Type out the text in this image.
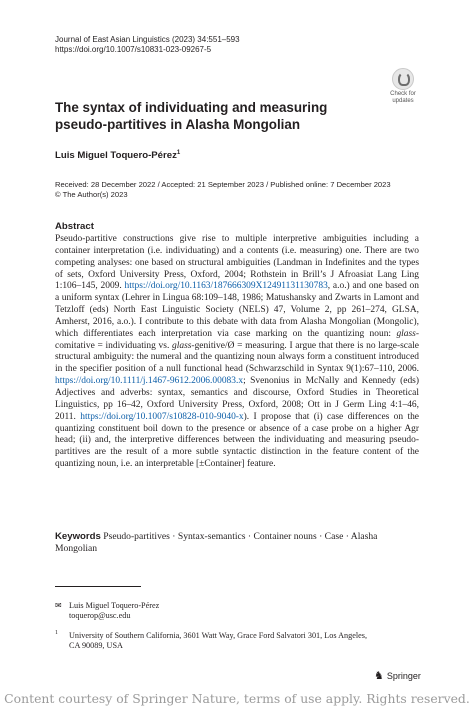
Journal of East Asian Linguistics (2023) 34:551–593
https://doi.org/10.1007/s10831-023-09267-5
Check for
updates
The syntax of individuating and measuring pseudo-partitives in Alasha Mongolian
Luis Miguel Toquero-Pérez$^1$
Received: 28 December 2022 / Accepted: 21 September 2023 / Published online: 7 December 2023
© The Author(s) 2023
Abstract

Pseudo-partitive constructions give rise to multiple interpretive ambiguities including a container interpretation (i.e. individuating) and a contents (i.e. measuring) one. There are two competing analyses: one based on structural ambiguities (Landman in Indefinites and the types of sets, Oxford University Press, Oxford, 2004; Rothstein in Brill’s J Afroasiat Lang Ling 1:106–145, 2009. https://doi.org/10.1163/187666309X12491131130783, a.o.) and one based on a uniform syntax (Lehrer in Lingua 68:109–148, 1986; Matushansky and Zwarts in Lamont and Tetzloff (eds) North East Linguistic Society (NELS) 47, Volume 2, pp 261–274, GLSA, Amherst, 2016, a.o.). I contribute to this debate with data from Alasha Mongolian (Mongolic), which differentiates each interpretation via case marking on the quantizing noun: glass-comitative = individuating vs. glass-genitive/Ø = measuring. I argue that there is no large-scale structural ambiguity: the numeral and the quantizing noun always form a constituent introduced in the specifier position of a null functional head (Schwarzschild in Syntax 9(1):67–110, 2006. https://doi.org/10.1111/j.1467-9612.2006.00083.x; Svenonius in McNally and Kennedy (eds) Adjectives and adverbs: syntax, semantics and discourse, Oxford Studies in Theoretical Linguistics, pp 16–42, Oxford University Press, Oxford, 2008; Ott in J Germ Ling 4:1–46, 2011. https://doi.org/10.1007/s10828-010-9040-x). I propose that (i) case differences on the quantizing constituent boil down to the presence or absence of a case probe on a higher Agr head; (ii) and, the interpretive differences between the individuating and measuring pseudo-partitives are the result of a more subtle syntactic distinction in the feature content of the quantizing noun, i.e. an interpretable [±Container] feature.

Keywords Pseudo-partitives · Syntax-semantics · Container nouns · Case · Alasha Mongolian
✉ Luis Miguel Toquero-Pérez
toquerop@usc.edu
1 University of Southern California, 3601 Watt Way, Grace Ford Salvatori 301, Los Angeles,
CA 90089, USA
♞ Springer
Content courtesy of Springer Nature, terms of use apply. Rights reserved.
